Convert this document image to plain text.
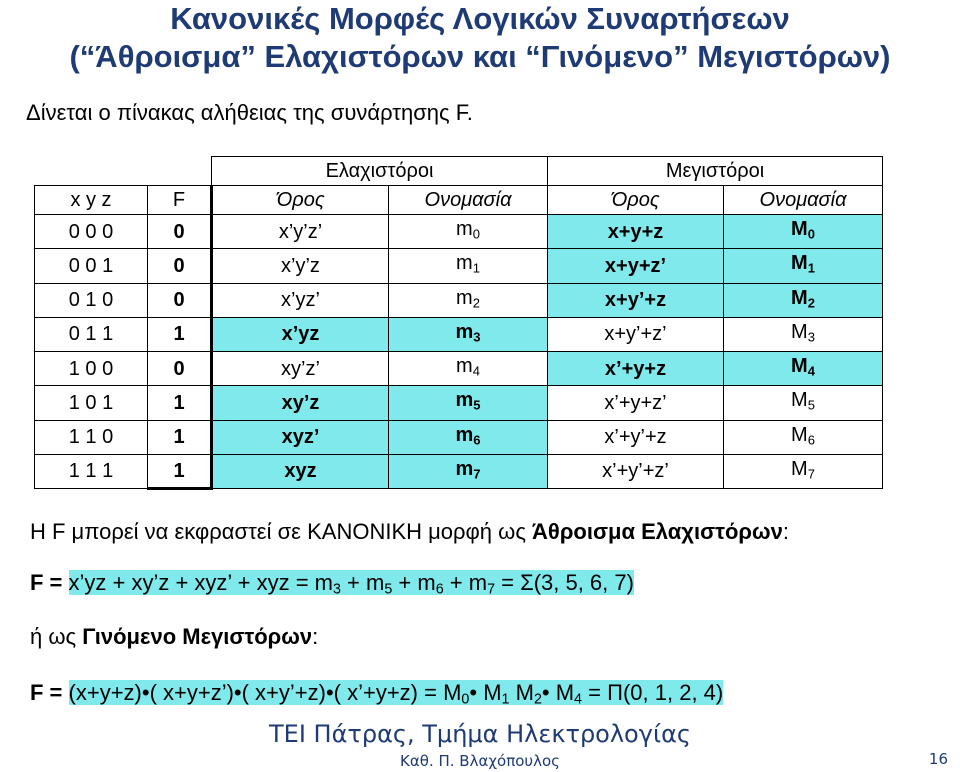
Κανονικές Μορφές Λογικών Συναρτήσεων
(“Άθροισμα” Ελαχιστόρων και “Γινόμενο” Μεγιστόρων)
Δίνεται ο πίνακας αλήθειας της συνάρτησης F.
		Ελαχιστόροι		Μεγιστόροι	
x y z	F	Όρος	Ονομασία	Όρος	Ονομασία
0 0 0	0	x’y’z’	$m_0$	x+y+z	$M_0$
0 0 1	0	x’y’z	$m_1$	x+y+z’	$M_1$
0 1 0	0	x’yz’	$m_2$	x+y’+z	$M_2$
0 1 1	1	x’yz	$m_3$	x+y’+z’	$M_3$
1 0 0	0	xy’z’	$m_4$	x’+y+z	$M_4$
1 0 1	1	xy’z	$m_5$	x’+y+z’	$M_5$
1 1 0	1	xyz’	$m_6$	x’+y’+z	$M_6$
1 1 1	1	xyz	$m_7$	x’+y’+z’	$M_7$
Η F μπορεί να εκφραστεί σε ΚΑΝΟΝΙΚΗ μορφή ως Άθροισμα Ελαχιστόρων:
F = x’yz + xy’z + xyz’ + xyz = $m_3 + m_5 + m_6 + m_7 = \Sigma(3$, 5, 6, 7)
ή ως Γινόμενο Μεγιστόρων:
F = (x+y+z)•( x+y+z’)•( x+y’+z)•( x’+y+z) = $M_0•$ $M_1$ $M_2•$ $M_4 = \Pi(0$, 1, 2, 4)
ΤΕΙ Πάτρας, Τμήμα Ηλεκτρολογίας
Καθ. Π. Βλαχόπουλος	16
